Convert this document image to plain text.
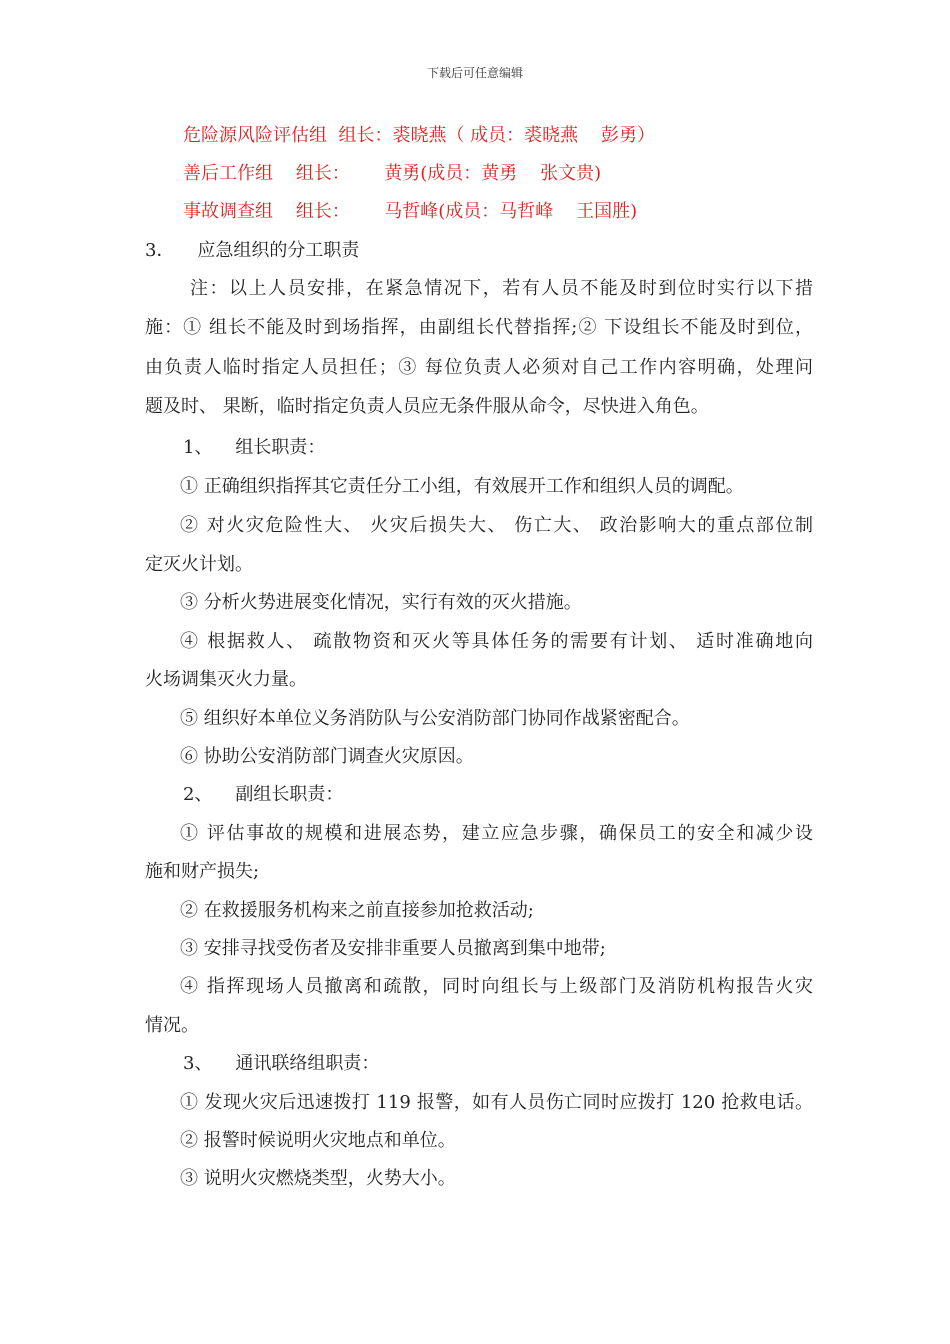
下载后可任意编辑
危险源风险评估组  组长：裘晓燕（ 成员：裘晓燕    彭勇）
善后工作组    组长：      黄勇(成员：黄勇    张文贵)
事故调查组    组长：      马哲峰(成员：马哲峰    王国胜)
3．    应急组织的分工职责
注：以上人员安排，在紧急情况下，若有人员不能及时到位时实行以下措
施：① 组长不能及时到场指挥，由副组长代替指挥;② 下设组长不能及时到位，
由负责人临时指定人员担任；③ 每位负责人必须对自己工作内容明确，处理问
题及时、 果断，临时指定负责人员应无条件服从命令，尽快进入角色。
1、    组长职责：
① 正确组织指挥其它责任分工小组，有效展开工作和组织人员的调配。
② 对火灾危险性大、 火灾后损失大、 伤亡大、 政治影响大的重点部位制
定灭火计划。
③ 分析火势进展变化情况，实行有效的灭火措施。
④ 根据救人、 疏散物资和灭火等具体任务的需要有计划、 适时准确地向
火场调集灭火力量。
⑤ 组织好本单位义务消防队与公安消防部门协同作战紧密配合。
⑥ 协助公安消防部门调查火灾原因。
2、    副组长职责：
① 评估事故的规模和进展态势，建立应急步骤，确保员工的安全和减少设
施和财产损失;
② 在救援服务机构来之前直接参加抢救活动;
③ 安排寻找受伤者及安排非重要人员撤离到集中地带;
④ 指挥现场人员撤离和疏散，同时向组长与上级部门及消防机构报告火灾
情况。
3、    通讯联络组职责：
① 发现火灾后迅速拨打 119 报警，如有人员伤亡同时应拨打 120 抢救电话。
② 报警时候说明火灾地点和单位。
③ 说明火灾燃烧类型，火势大小。
